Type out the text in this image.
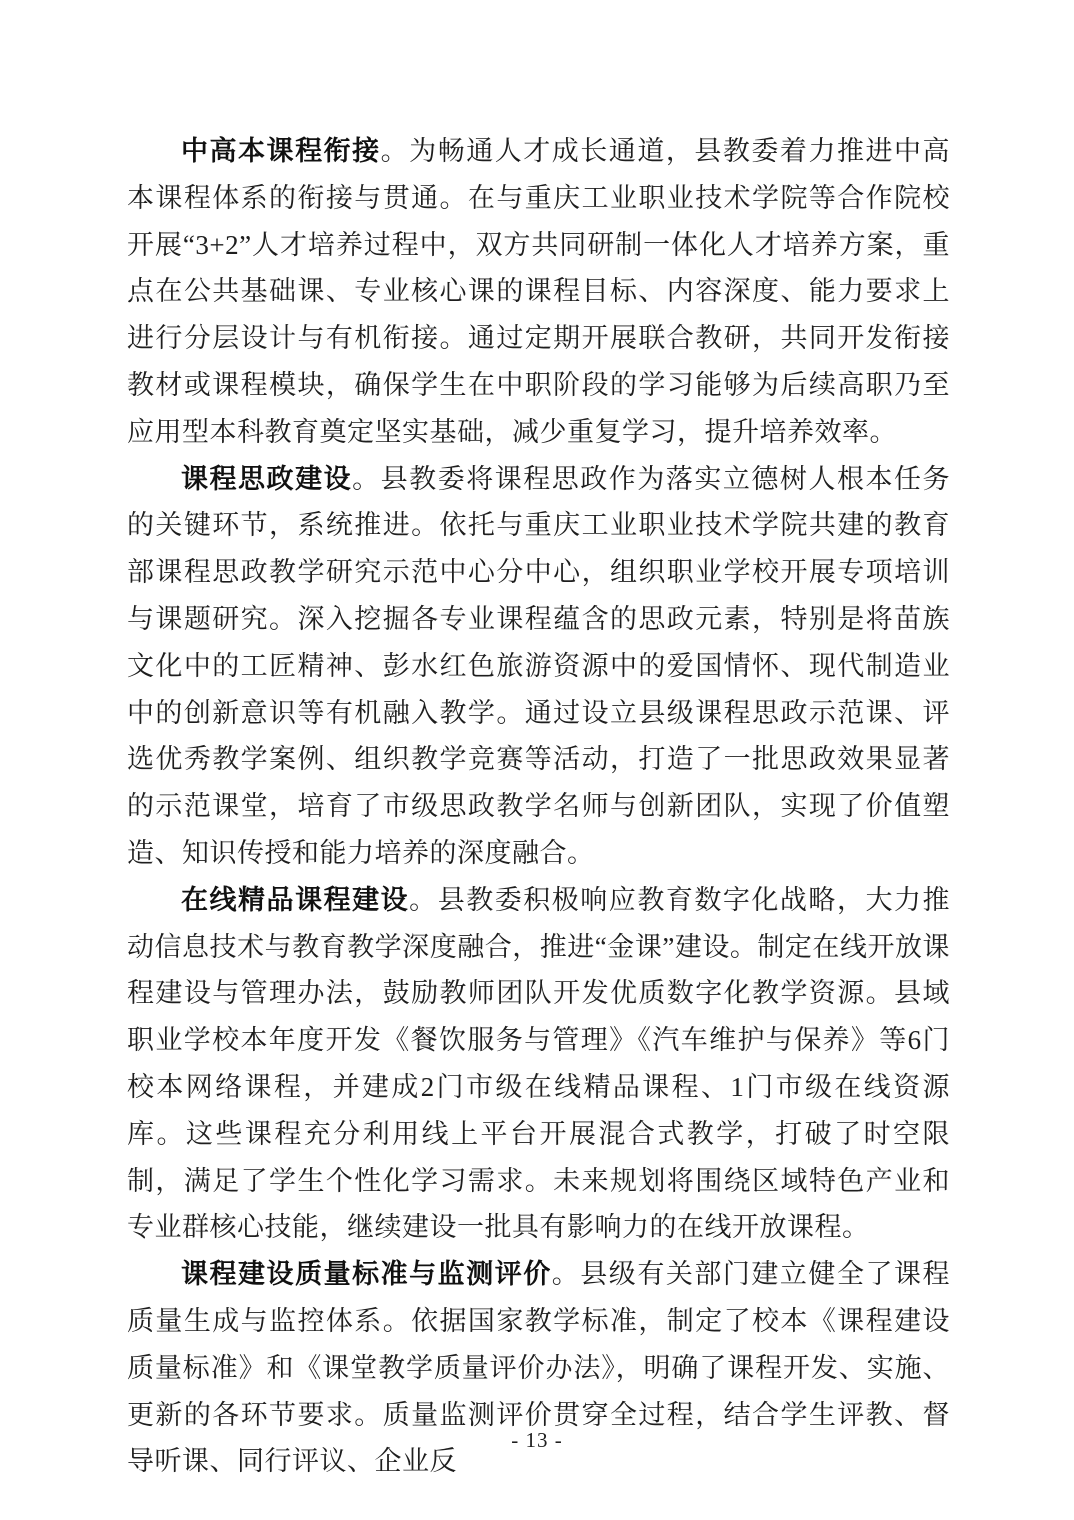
中高本课程衔接。为畅通人才成长通道，县教委着力推进中高本课程体系的衔接与贯通。在与重庆工业职业技术学院等合作院校开展“3+2”人才培养过程中，双方共同研制一体化人才培养方案，重点在公共基础课、专业核心课的课程目标、内容深度、能力要求上进行分层设计与有机衔接。通过定期开展联合教研，共同开发衔接教材或课程模块，确保学生在中职阶段的学习能够为后续高职乃至应用型本科教育奠定坚实基础，减少重复学习，提升培养效率。

课程思政建设。县教委将课程思政作为落实立德树人根本任务的关键环节，系统推进。依托与重庆工业职业技术学院共建的教育部课程思政教学研究示范中心分中心，组织职业学校开展专项培训与课题研究。深入挖掘各专业课程蕴含的思政元素，特别是将苗族文化中的工匠精神、彭水红色旅游资源中的爱国情怀、现代制造业中的创新意识等有机融入教学。通过设立县级课程思政示范课、评选优秀教学案例、组织教学竞赛等活动，打造了一批思政效果显著的示范课堂，培育了市级思政教学名师与创新团队，实现了价值塑造、知识传授和能力培养的深度融合。

在线精品课程建设。县教委积极响应教育数字化战略，大力推动信息技术与教育教学深度融合，推进“金课”建设。制定在线开放课程建设与管理办法，鼓励教师团队开发优质数字化教学资源。县域职业学校本年度开发《餐饮服务与管理》《汽车维护与保养》等6门校本网络课程，并建成2门市级在线精品课程、1门市级在线资源库。这些课程充分利用线上平台开展混合式教学，打破了时空限制，满足了学生个性化学习需求。未来规划将围绕区域特色产业和专业群核心技能，继续建设一批具有影响力的在线开放课程。

课程建设质量标准与监测评价。县级有关部门建立健全了课程质量生成与监控体系。依据国家教学标准，制定了校本《课程建设质量标准》和《课堂教学质量评价办法》，明确了课程开发、实施、更新的各环节要求。质量监测评价贯穿全过程，结合学生评教、督导听课、同行评议、企业反

- 13 -
